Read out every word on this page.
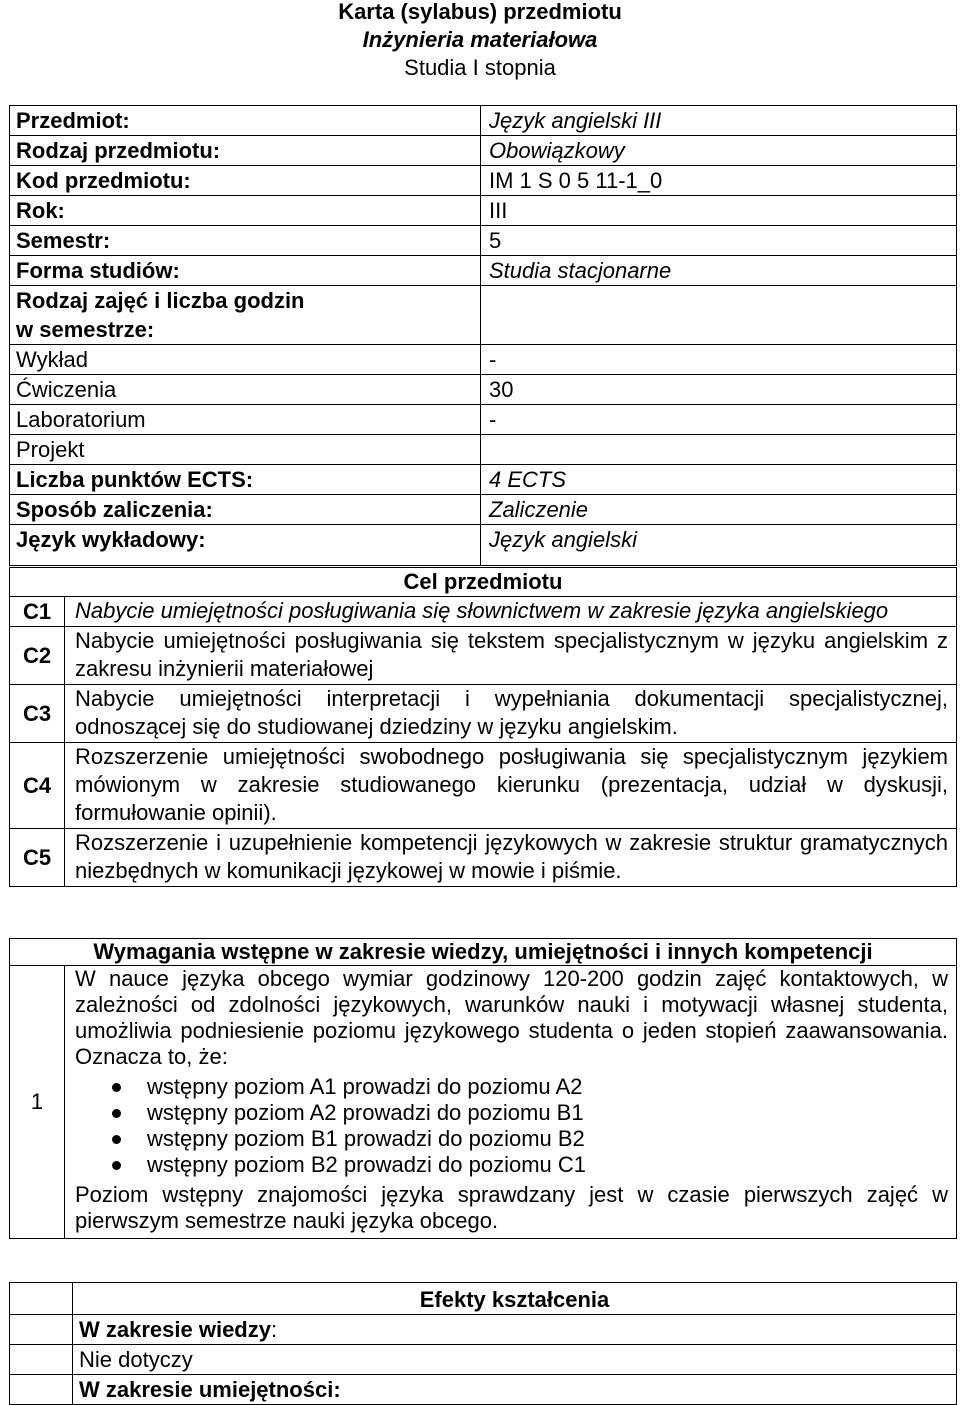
Karta (sylabus) przedmiotu
Inżynieria materiałowa
Studia I stopnia
Przedmiot:	Język angielski III
Rodzaj przedmiotu:	Obowiązkowy
Kod przedmiotu:	IM 1 S 0 5 11-1_0
Rok:	III
Semestr:	5
Forma studiów:	Studia stacjonarne

Rodzaj zajęć i liczba godzin
w semestrze:	

Wykład	-
Ćwiczenia	30
Laboratorium	-
Projekt	
Liczba punktów ECTS:	4 ECTS
Sposób zaliczenia:	Zaliczenie
Język wykładowy:	Język angielski
Cel przedmiotu	
C1	Nabycie umiejętności posługiwania się słownictwem w zakresie języka angielskiego
C2	Nabycie umiejętności posługiwania się tekstem specjalistycznym w języku angielskim z zakresu inżynierii materiałowej
C3	Nabycie umiejętności interpretacji i wypełniania dokumentacji specjalistycznej, odnoszącej się do studiowanej dziedziny w języku angielskim.
C4	Rozszerzenie umiejętności swobodnego posługiwania się specjalistycznym językiem mówionym w zakresie studiowanego kierunku (prezentacja, udział w dyskusji, formułowanie opinii).
C5	Rozszerzenie i uzupełnienie kompetencji językowych w zakresie struktur gramatycznych niezbędnych w komunikacji językowej w mowie i piśmie.
Wymagania wstępne w zakresie wiedzy, umiejętności i innych kompetencji
1	
W nauce języka obcego wymiar godzinowy 120-200 godzin zajęć kontaktowych, w zależności od zdolności językowych, warunków nauki i motywacji własnej studenta, umożliwia podniesienie poziomu językowego studenta o jeden stopień zaawansowania. Oznacza to, że:
wstępny poziom A1 prowadzi do poziomu A2
wstępny poziom A2 prowadzi do poziomu B1
wstępny poziom B1 prowadzi do poziomu B2
wstępny poziom B2 prowadzi do poziomu C1
Poziom wstępny znajomości języka sprawdzany jest w czasie pierwszych zajęć w pierwszym semestrze nauki języka obcego.
	Efekty kształcenia
	W zakresie wiedzy:
	Nie dotyczy
	W zakresie umiejętności:
